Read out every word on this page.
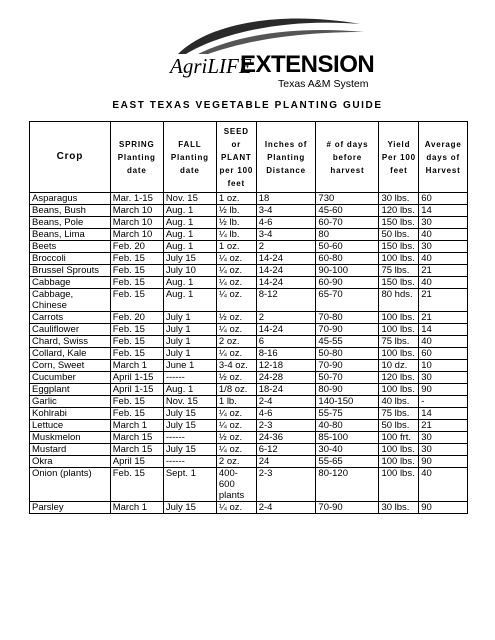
AgriLIFE
EXTENSION
Texas A&M System
EAST TEXAS VEGETABLE PLANTING GUIDE
Crop	SPRING Planting date	FALL Planting date	SEED or PLANT per 100 feet	Inches of Planting Distance	# of days before harvest	Yield Per 100 feet	Average days of Harvest
Asparagus	Mar. 1-15	Nov. 15	1 oz.	18	730	30 lbs.	60
Beans, Bush	March 10	Aug. 1	½ lb.	3-4	45-60	120 lbs.	14
Beans, Pole	March 10	Aug. 1	½ lb.	4-6	60-70	150 lbs.	30
Beans, Lima	March 10	Aug. 1	¼ lb.	3-4	80	50 lbs.	40
Beets	Feb. 20	Aug. 1	1 oz.	2	50-60	150 lbs.	30
Broccoli	Feb. 15	July 15	¼ oz.	14-24	60-80	100 lbs.	40
Brussel Sprouts	Feb. 15	July 10	¼ oz.	14-24	90-100	75 lbs.	21
Cabbage	Feb. 15	Aug. 1	¼ oz.	14-24	60-90	150 lbs.	40
Cabbage, Chinese	Feb. 15	Aug. 1	¼ oz.	8-12	65-70	80 hds.	21
Carrots	Feb. 20	July 1	½ oz.	2	70-80	100 lbs.	21
Cauliflower	Feb. 15	July 1	¼ oz.	14-24	70-90	100 lbs.	14
Chard, Swiss	Feb. 15	July 1	2 oz.	6	45-55	75 lbs.	40
Collard, Kale	Feb. 15	July 1	¼ oz.	8-16	50-80	100 lbs.	60
Corn, Sweet	March 1	June 1	3-4 oz.	12-18	70-90	10 dz.	10
Cucumber	April 1-15	------	½ oz.	24-28	50-70	120 lbs.	30
Eggplant	April 1-15	Aug. 1	1/8 oz.	18-24	80-90	100 lbs.	90
Garlic	Feb. 15	Nov. 15	1 lb.	2-4	140-150	40 lbs.	-
Kohlrabi	Feb. 15	July 15	¼ oz.	4-6	55-75	75 lbs.	14
Lettuce	March 1	July 15	¼ oz.	2-3	40-80	50 lbs.	21
Muskmelon	March 15	------	½ oz.	24-36	85-100	100 frt.	30
Mustard	March 15	July 15	¼ oz.	6-12	30-40	100 lbs.	30
Okra	April 15	------	2 oz.	24	55-65	100 lbs.	90
Onion (plants)	Feb. 15	Sept. 1	400-600 plants	2-3	80-120	100 lbs.	40
Parsley	March 1	July 15	¼ oz.	2-4	70-90	30 lbs.	90
